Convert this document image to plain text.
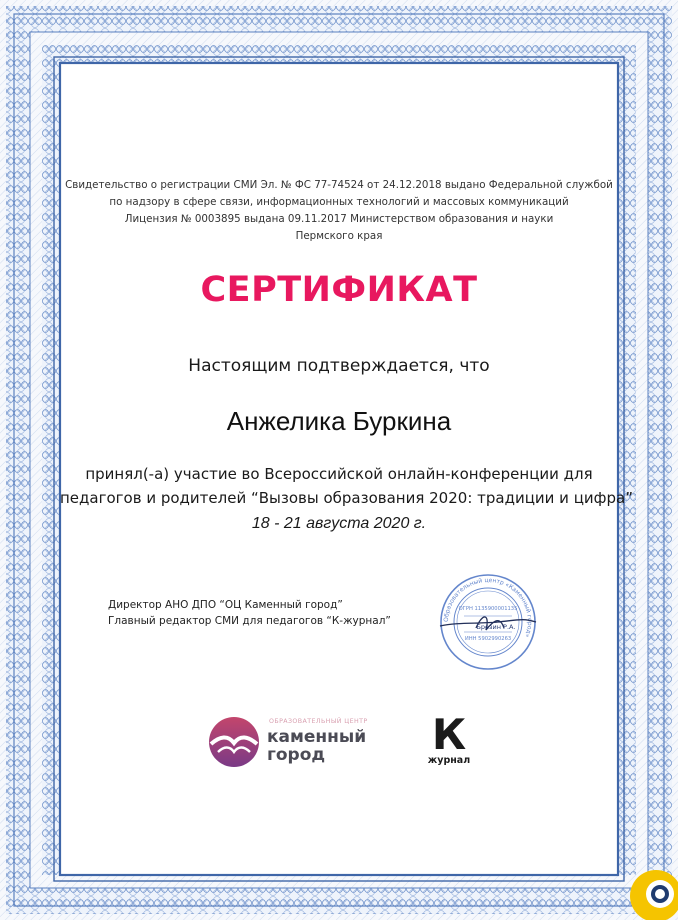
Свидетельство о регистрации СМИ Эл. № ФС 77-74524 от 24.12.2018 выдано Федеральной службой
по надзору в сфере связи, информационных технологий и массовых коммуникаций
Лицензия № 0003895 выдана 09.11.2017 Министерством образования и науки
Пермского края
СЕРТИФИКАТ
Настоящим подтверждается, что
Анжелика Буркина
принял(-а) участие во Всероссийской онлайн-конференции для
педагогов и родителей “Вызовы образования 2020: традиции и цифра”
18 - 21 августа 2020 г.
Директор АНО ДПО “ОЦ Каменный город”
Главный редактор СМИ для педагогов “К-журнал”	Образовательный центр «Каменный город»
ОГРН 1135900001135
ИНН 5902990263
Брезин Р.А.
ОБРАЗОВАТЕЛЬНЫЙ ЦЕНТР
каменный
город	К
журнал
